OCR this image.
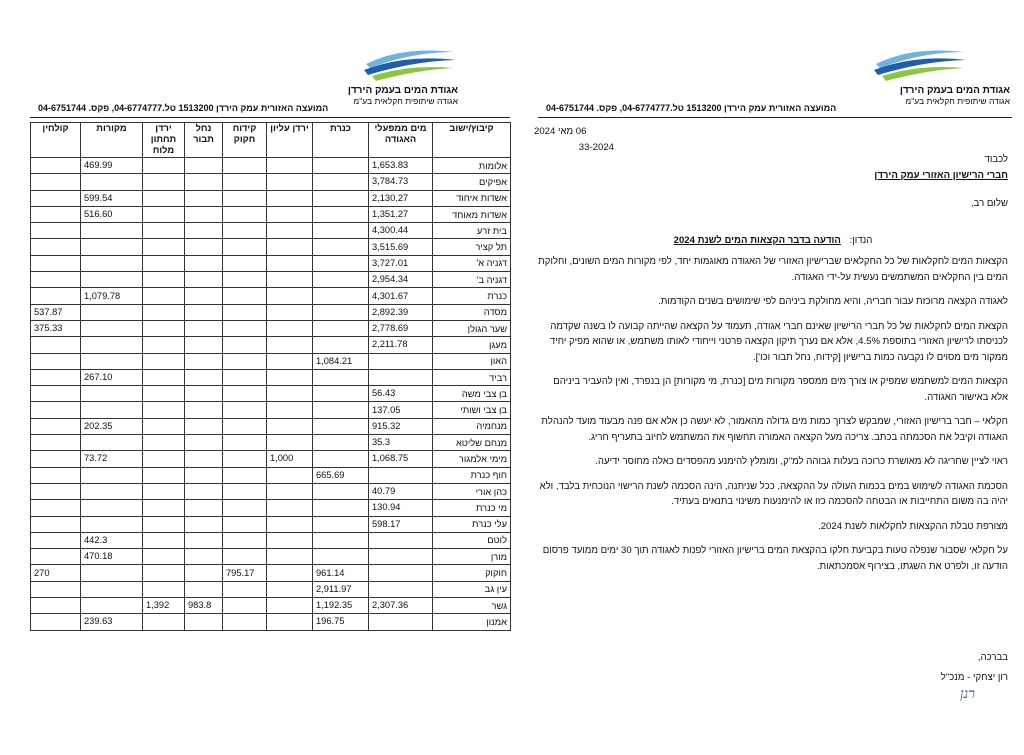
אגודת המים בעמק הירדן
אגודה שיתופית חקלאית בע"מ
המועצה האזורית עמק הירדן 1513200 טל.04-6774777, פקס. 04-6751744
קיבוץ/ישוב	מים ממפעלי האגודה	כנרת	ירדן עליון	קידוח חקוק	נחל תבור	ירדן תחתון מלוח	מקורות	קולחין
אלומות	1,653.83						469.99	
אפיקים	3,784.73							
אשדות איחוד	2,130.27						599.54	
אשדות מאוחד	1,351.27						516.60	
בית זרע	4,300.44							
תל קציר	3,515.69							
דגניה א'	3,727.01							
דגניה ב'	2,954.34							
כנרת	4,301.67						1,079.78	
מסדה	2,892.39							537.87
שער הגולן	2,778.69							375.33
מעגן	2,211.78							
האון		1,084.21						
רביד							267.10	
בן צבי משה	56.43							
בן צבי ושותי	137.05							
מנחמיה	915.32						202.35	
מנחם שליטא	35.3							
מימי אלמגור	1,068.75		1,000				73.72	
חוף כנרת		665.69						
כהן אורי	40.79							
מי כנרת	130.94							
עלי כנרת	598.17							
לוטם							442.3	
מורן							470.18	
חוקוק		961.14		795.17				270
עין גב		2,911.97						
גשר	2,307.36	1,192.35			983.8	1,392		
אמנון		196.75					239.63	
אגודת המים בעמק הירדן
אגודה שיתופית חקלאית בע"מ
המועצה האזורית עמק הירדן 1513200 טל.04-6774777, פקס. 04-6751744
06 מאי 2024
33-2024
לכבוד
חברי הרישיון האזורי עמק הירדן
שלום רב,
הנדון: הודעה בדבר הקצאות המים לשנת 2024

הקצאות המים לחקלאות של כל החקלאים שברישיון האזורי של האגודה מאוגמות יחד, לפי מקורות המים השונים, וחלוקת המים בין החקלאים המשתמשים נעשית על-ידי האגודה.

לאגודה הקצאה מרוכזת עבור חבריה, והיא מחולקת ביניהם לפי שימושים בשנים הקודמות.

הקצאת המים לחקלאות של כל חברי הרישיון שאינם חברי אגודה, תעמוד על הקצאה שהייתה קבועה לו בשנה שקדמה לכניסתו לרישיון האזורי בתוספת 4.5%, אלא אם נערך תיקון הקצאה פרטני וייחודי לאותו משתמש, או שהוא מפיק יחיד ממקור מים מסוים לו נקבעה כמות ברישיון [קידוח, נחל תבור וכו'].

הקצאות המים למשתמש שמפיק או צורך מים ממספר מקורות מים [כנרת, מי מקורות] הן בנפרד, ואין להעביר ביניהם אלא באישור האגודה.

חקלאי – חבר ברישיון האזורי, שמבקש לצרוך כמות מים גדולה מהאמור, לא יעשה כן אלא אם פנה מבעוד מועד להנהלת האגודה וקיבל את הסכמתה בכתב. צריכה מעל הקצאה האמורה תחשוף את המשתמש לחיוב בתעריף חריג.

ראוי לציין שחריגה לא מאושרת כרוכה בעלות גבוהה למ"ק, ומומלץ להימנע מהפסדים כאלה מחוסר ידיעה.

הסכמת האגודה לשימוש במים בכמות העולה על ההקצאה, ככל שניתנה, הינה הסכמה לשנת הרישוי הנוכחית בלבד, ולא יהיה בה משום התחייבות או הבטחה להסכמה כזו או להימנעות משינוי בתנאים בעתיד.

מצורפת טבלת ההקצאות לחקלאות לשנת 2024.

על חקלאי שסבור שנפלה טעות בקביעת חלקו בהקצאת המים ברישיון האזורי לפנות לאגודה תוך 30 ימים ממועד פרסום הודעה זו, ולפרט את השגתו, בצירוף אסמכתאות.

בברכה,
רון יצחקי - מנכ"ל
רנן
